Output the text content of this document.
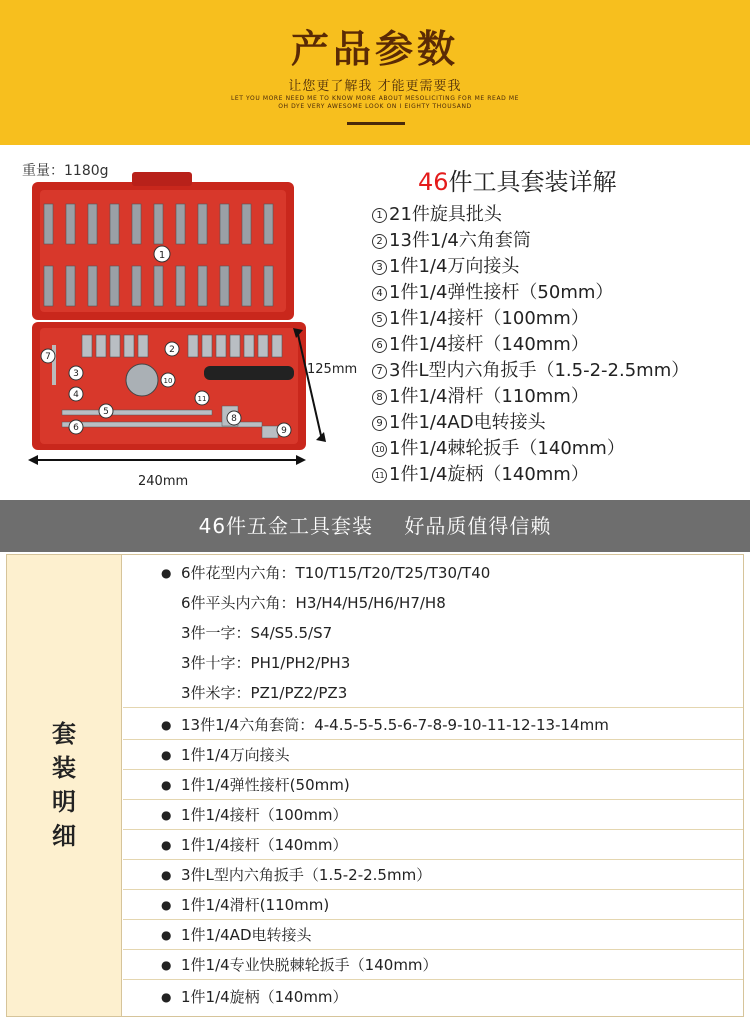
产品参数
让您更了解我 才能更需要我
LET YOU MORE NEED ME TO KNOW MORE ABOUT MESOLICITING FOR ME READ ME
OH DYE VERY AWESOME LOOK ON I EIGHTY THOUSAND
重量：1180g
1
2
3
4
5
6
7
8
9
10
11
125mm
240mm
46件工具套装详解
1 21件旋具批头
2 13件1/4六角套筒
3 1件1/4万向接头
4 1件1/4弹性接杆（50mm）
5 1件1/4接杆（100mm）
6 1件1/4接杆（140mm）
7 3件L型内六角扳手（1.5-2-2.5mm）
8 1件1/4滑杆（110mm）
9 1件1/4AD电转接头
10 1件1/4棘轮扳手（140mm）
11 1件1/4旋柄（140mm）
46件五金工具套装 好品质值得信赖
套装明细
● 6件花型内六角：T10/T15/T20/T25/T30/T40
6件平头内六角：H3/H4/H5/H6/H7/H8
3件一字：S4/S5.5/S7
3件十字：PH1/PH2/PH3
3件米字：PZ1/PZ2/PZ3
● 13件1/4六角套筒：4-4.5-5-5.5-6-7-8-9-10-11-12-13-14mm
● 1件1/4万向接头
● 1件1/4弹性接杆(50mm)
● 1件1/4接杆（100mm）
● 1件1/4接杆（140mm）
● 3件L型内六角扳手（1.5-2-2.5mm）
● 1件1/4滑杆(110mm)
● 1件1/4AD电转接头
● 1件1/4专业快脱棘轮扳手（140mm）
● 1件1/4旋柄（140mm）
